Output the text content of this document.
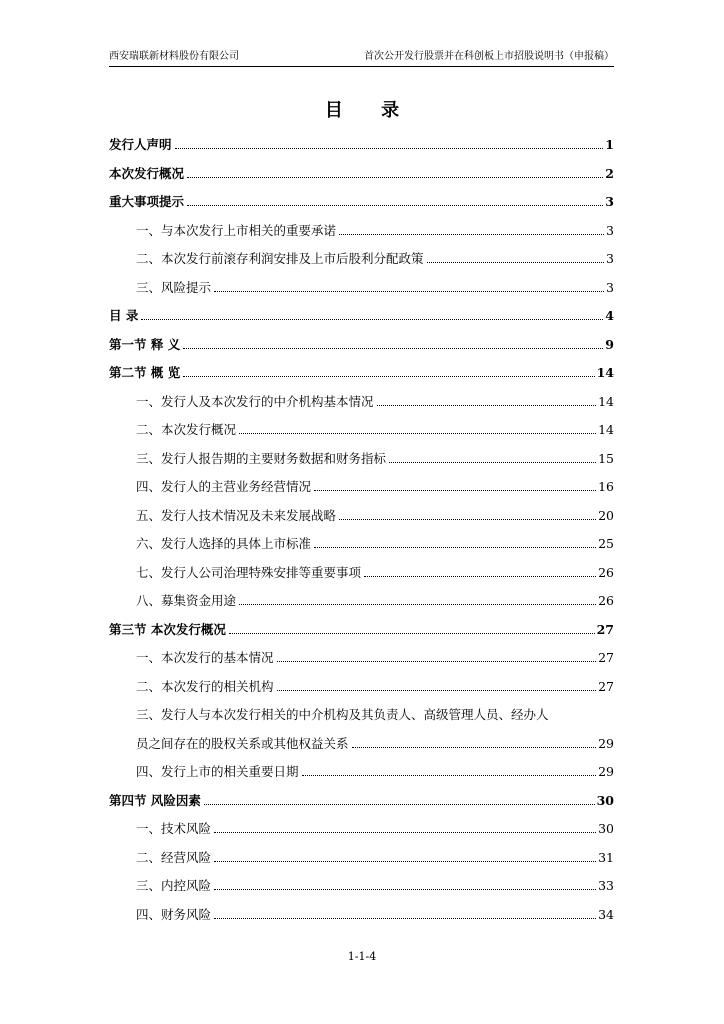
西安瑞联新材料股份有限公司	首次公开发行股票并在科创板上市招股说明书（申报稿）
目 录
发行人声明	1
本次发行概况	2
重大事项提示	3
一、与本次发行上市相关的重要承诺	3
二、本次发行前滚存利润安排及上市后股利分配政策	3
三、风险提示	3
目 录	4
第一节 释 义	9
第二节 概 览	14
一、发行人及本次发行的中介机构基本情况	14
二、本次发行概况	14
三、发行人报告期的主要财务数据和财务指标	15
四、发行人的主营业务经营情况	16
五、发行人技术情况及未来发展战略	20
六、发行人选择的具体上市标准	25
七、发行人公司治理特殊安排等重要事项	26
八、募集资金用途	26
第三节 本次发行概况	27
一、本次发行的基本情况	27
二、本次发行的相关机构	27
三、发行人与本次发行相关的中介机构及其负责人、高级管理人员、经办人
员之间存在的股权关系或其他权益关系	29
四、发行上市的相关重要日期	29
第四节 风险因素	30
一、技术风险	30
二、经营风险	31
三、内控风险	33
四、财务风险	34
1-1-4
